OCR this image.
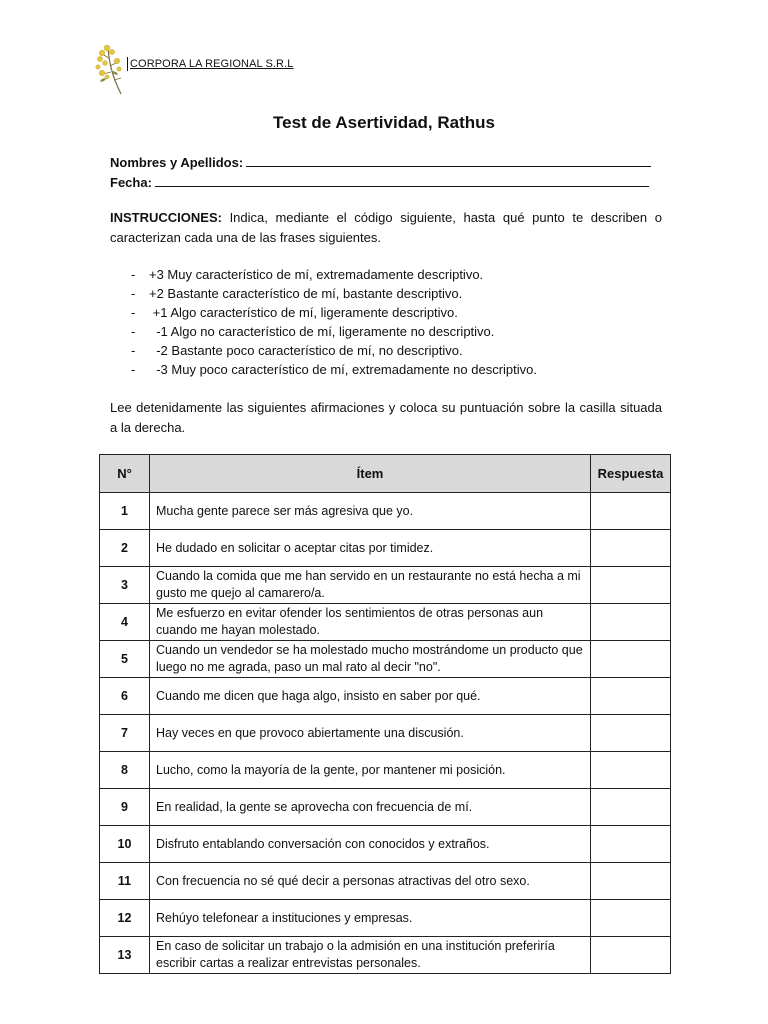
CORPORA LA REGIONAL S.R.L
Test de Asertividad, Rathus
Nombres y Apellidos:
Fecha:
INSTRUCCIONES: Indica, mediante el código siguiente, hasta qué punto te describen o caracterizan cada una de las frases siguientes.
- +3 Muy característico de mí, extremadamente descriptivo.
- +2 Bastante característico de mí, bastante descriptivo.
- +1 Algo característico de mí, ligeramente descriptivo.
-  -1 Algo no característico de mí, ligeramente no descriptivo.
-  -2 Bastante poco característico de mí, no descriptivo.
-  -3 Muy poco característico de mí, extremadamente no descriptivo.
Lee detenidamente las siguientes afirmaciones y coloca su puntuación sobre la casilla situada a la derecha.
N°	Ítem	Respuesta
1	Mucha gente parece ser más agresiva que yo.	
2	He dudado en solicitar o aceptar citas por timidez.	
3	Cuando la comida que me han servido en un restaurante no está hecha a mi gusto me quejo al camarero/a.	
4	Me esfuerzo en evitar ofender los sentimientos de otras personas aun cuando me hayan molestado.	
5	Cuando un vendedor se ha molestado mucho mostrándome un producto que luego no me agrada, paso un mal rato al decir "no".	
6	Cuando me dicen que haga algo, insisto en saber por qué.	
7	Hay veces en que provoco abiertamente una discusión.	
8	Lucho, como la mayoría de la gente, por mantener mi posición.	
9	En realidad, la gente se aprovecha con frecuencia de mí.	
10	Disfruto entablando conversación con conocidos y extraños.	
11	Con frecuencia no sé qué decir a personas atractivas del otro sexo.	
12	Rehúyo telefonear a instituciones y empresas.	
13	En caso de solicitar un trabajo o la admisión en una institución preferiría escribir cartas a realizar entrevistas personales.	
